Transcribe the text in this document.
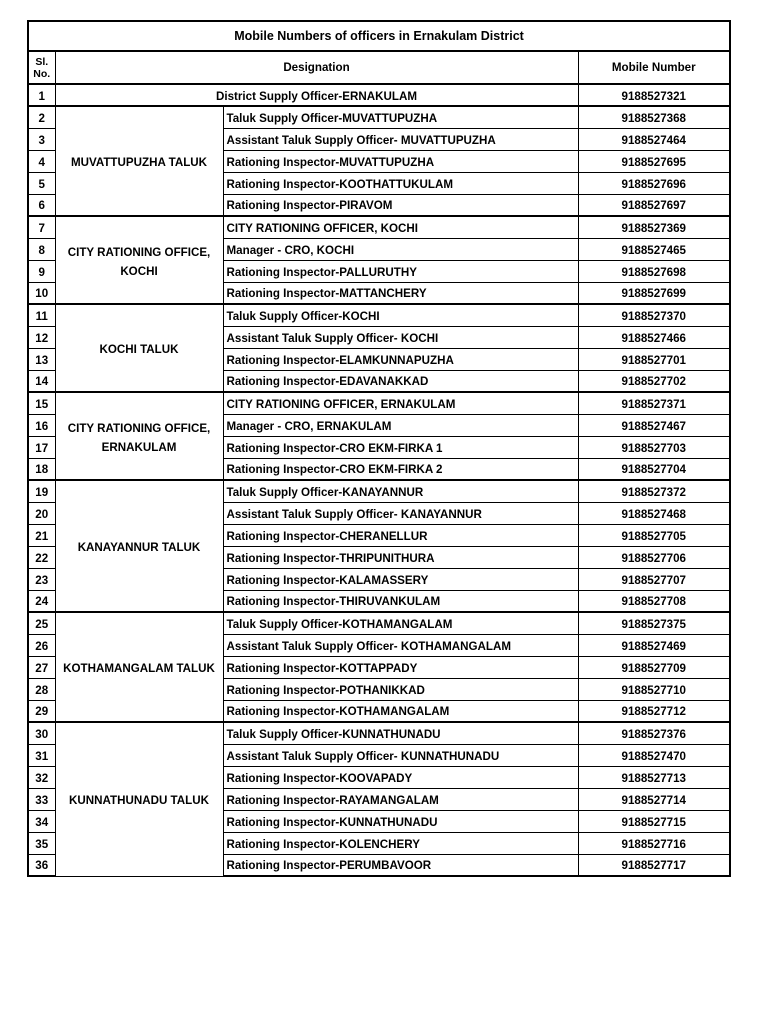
Mobile Numbers of officers in Ernakulam District			
Sl. No.	Designation		Mobile Number
1	District Supply Officer-ERNAKULAM		9188527321
2	MUVATTUPUZHA TALUK	Taluk Supply Officer-MUVATTUPUZHA	9188527368
3		Assistant Taluk Supply Officer- MUVATTUPUZHA	9188527464
4		Rationing Inspector-MUVATTUPUZHA	9188527695
5		Rationing Inspector-KOOTHATTUKULAM	9188527696
6		Rationing Inspector-PIRAVOM	9188527697
7	CITY RATIONING OFFICE, KOCHI	CITY RATIONING OFFICER, KOCHI	9188527369
8		Manager - CRO, KOCHI	9188527465
9		Rationing Inspector-PALLURUTHY	9188527698
10		Rationing Inspector-MATTANCHERY	9188527699
11	KOCHI TALUK	Taluk Supply Officer-KOCHI	9188527370
12		Assistant Taluk Supply Officer- KOCHI	9188527466
13		Rationing Inspector-ELAMKUNNAPUZHA	9188527701
14		Rationing Inspector-EDAVANAKKAD	9188527702
15	CITY RATIONING OFFICE, ERNAKULAM	CITY RATIONING OFFICER, ERNAKULAM	9188527371
16		Manager - CRO, ERNAKULAM	9188527467
17		Rationing Inspector-CRO EKM-FIRKA 1	9188527703
18		Rationing Inspector-CRO EKM-FIRKA 2	9188527704
19	KANAYANNUR TALUK	Taluk Supply Officer-KANAYANNUR	9188527372
20		Assistant Taluk Supply Officer- KANAYANNUR	9188527468
21		Rationing Inspector-CHERANELLUR	9188527705
22		Rationing Inspector-THRIPUNITHURA	9188527706
23		Rationing Inspector-KALAMASSERY	9188527707
24		Rationing Inspector-THIRUVANKULAM	9188527708
25	KOTHAMANGALAM TALUK	Taluk Supply Officer-KOTHAMANGALAM	9188527375
26		Assistant Taluk Supply Officer- KOTHAMANGALAM	9188527469
27		Rationing Inspector-KOTTAPPADY	9188527709
28		Rationing Inspector-POTHANIKKAD	9188527710
29		Rationing Inspector-KOTHAMANGALAM	9188527712
30	KUNNATHUNADU TALUK	Taluk Supply Officer-KUNNATHUNADU	9188527376
31		Assistant Taluk Supply Officer- KUNNATHUNADU	9188527470
32		Rationing Inspector-KOOVAPADY	9188527713
33		Rationing Inspector-RAYAMANGALAM	9188527714
34		Rationing Inspector-KUNNATHUNADU	9188527715
35		Rationing Inspector-KOLENCHERY	9188527716
36		Rationing Inspector-PERUMBAVOOR	9188527717
